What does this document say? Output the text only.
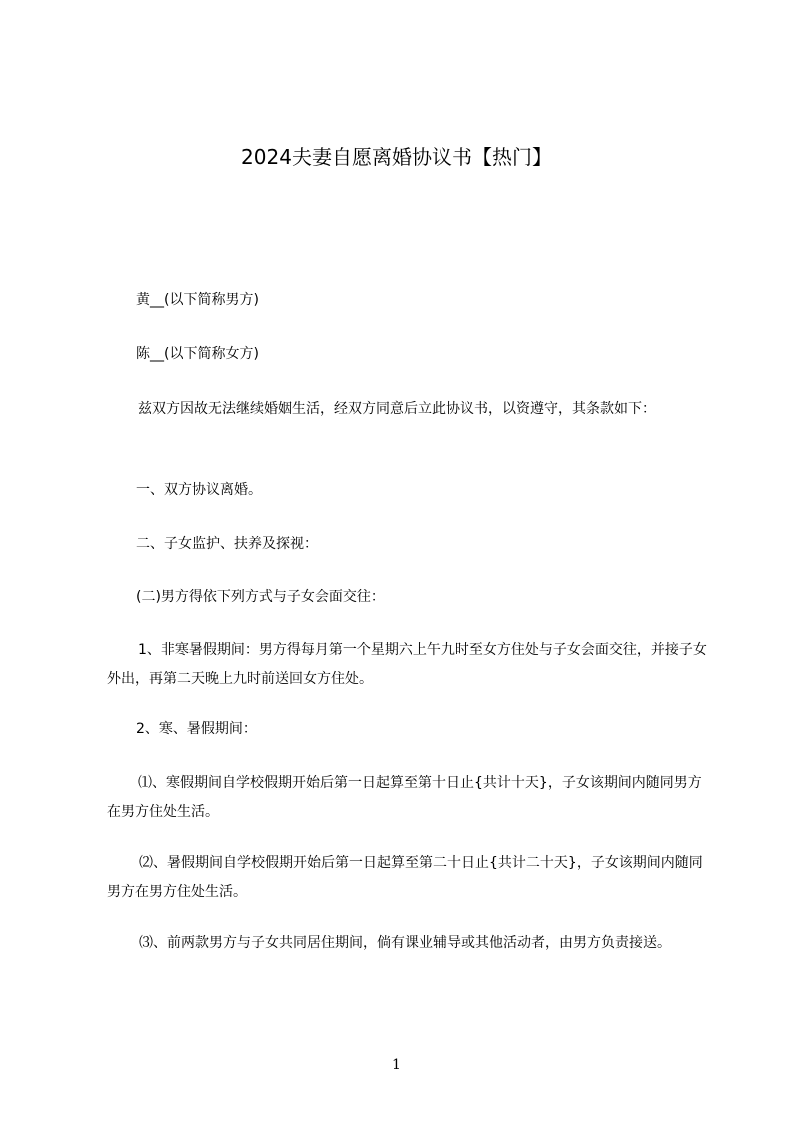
2024夫妻自愿离婚协议书【热门】

黄__(以下简称男方)

陈__(以下简称女方)

兹双方因故无法继续婚姻生活，经双方同意后立此协议书，以资遵守，其条款如下：

一、双方协议离婚。

二、子女监护、扶养及探视：

(二)男方得依下列方式与子女会面交往：

1、非寒暑假期间：男方得每月第一个星期六上午九时至女方住处与子女会面交往，并接子女外出，再第二天晚上九时前送回女方住处。

2、寒、暑假期间：

⑴、寒假期间自学校假期开始后第一日起算至第十日止{共计十天}，子女该期间内随同男方在男方住处生活。

⑵、暑假期间自学校假期开始后第一日起算至第二十日止{共计二十天}，子女该期间内随同男方在男方住处生活。

⑶、前两款男方与子女共同居住期间，倘有课业辅导或其他活动者，由男方负责接送。

1
